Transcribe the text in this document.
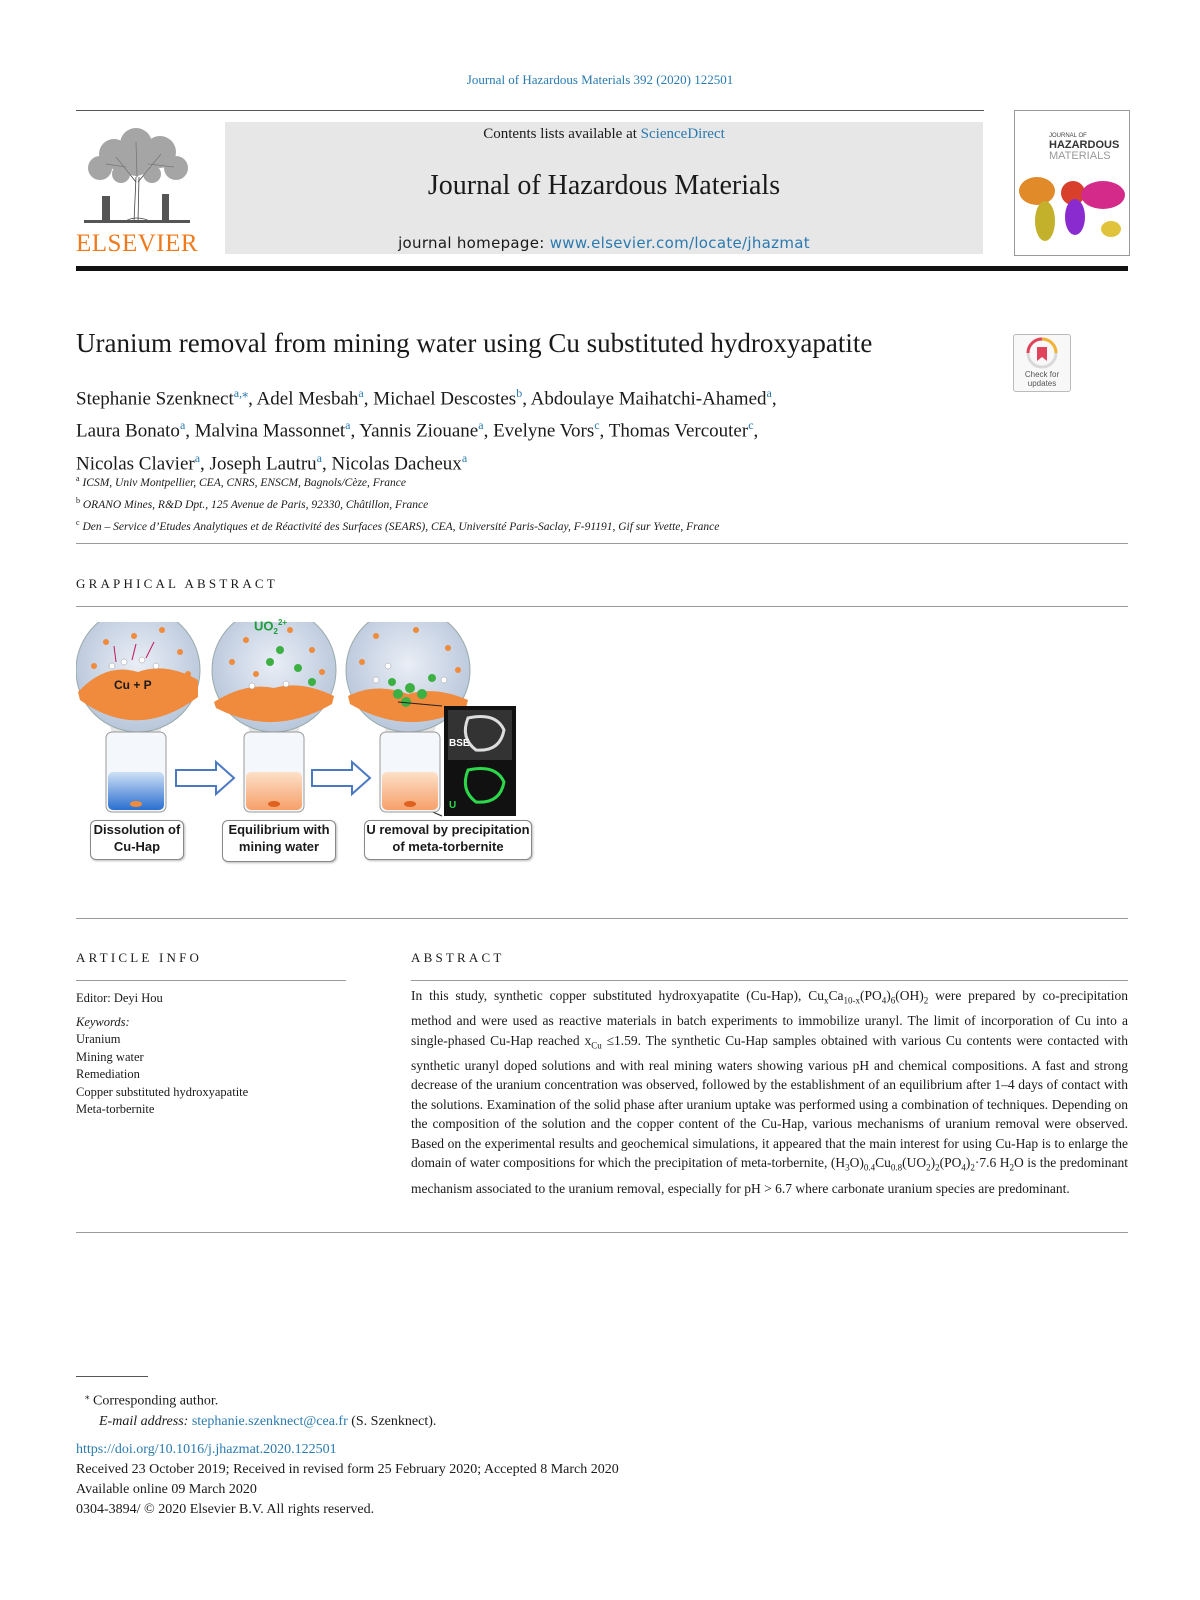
Journal of Hazardous Materials 392 (2020) 122501
ELSEVIER
Contents lists available at ScienceDirect
Journal of Hazardous Materials
journal homepage: www.elsevier.com/locate/jhazmat
JOURNAL OF
HAZARDOUS
MATERIALS
Uranium removal from mining water using Cu substituted hydroxyapatite
Check for updates
Stephanie Szenknect$^{a,⁎}$, Adel Mesbah$^a$, Michael Descostes$^b$, Abdoulaye Maihatchi-Ahamed$^a$,
Laura Bonato$^a$, Malvina Massonnet$^a$, Yannis Ziouane$^a$, Evelyne Vors$^c$, Thomas Vercouter$^c$,
Nicolas Clavier$^a$, Joseph Lautru$^a$, Nicolas Dacheux$^a$
$^a$ ICSM, Univ Montpellier, CEA, CNRS, ENSCM, Bagnols/Cèze, France
$^b$ ORANO Mines, R&D Dpt., 125 Avenue de Paris, 92330, Châtillon, France
$^c$ Den – Service d’Etudes Analytiques et de Réactivité des Surfaces (SEARS), CEA, Université Paris-Saclay, F-91191, Gif sur Yvette, France
GRAPHICAL ABSTRACT
Cu + P
$UO_2^{2+}$
BSE
U
Dissolution of
Cu-Hap
Equilibrium with
mining water
U removal by precipitation
of meta-torbernite
ARTICLE INFO
Editor: Deyi Hou
Keywords:
Uranium
Mining water
Remediation
Copper substituted hydroxyapatite
Meta-torbernite
ABSTRACT
In this study, synthetic copper substituted hydroxyapatite (Cu-Hap), $Cu_xCa_{10-x}(PO_4)_6(OH)_2$ were prepared by co-precipitation method and were used as reactive materials in batch experiments to immobilize uranyl. The limit of incorporation of Cu into a single-phased Cu-Hap reached $x_{Cu} \le 1.59$. The synthetic Cu-Hap samples obtained with various Cu contents were contacted with synthetic uranyl doped solutions and with real mining waters showing various pH and chemical compositions. A fast and strong decrease of the uranium concentration was observed, followed by the establishment of an equilibrium after 1–4 days of contact with the solutions. Examination of the solid phase after uranium uptake was performed using a combination of techniques. Depending on the composition of the solution and the copper content of the Cu-Hap, various mechanisms of uranium removal were observed. Based on the experimental results and geochemical simulations, it appeared that the main interest for using Cu-Hap is to enlarge the domain of water compositions for which the precipitation of meta-torbernite, $(H_3O)_{0.4}Cu_{0.8}(UO_2)_2(PO_4)_2\cdot 7.6$ $H_2O$ is the predominant mechanism associated to the uranium removal, especially for pH > 6.7 where carbonate uranium species are predominant.
⁎ Corresponding author.
E-mail address: stephanie.szenknect@cea.fr (S. Szenknect).
https://doi.org/10.1016/j.jhazmat.2020.122501
Received 23 October 2019; Received in revised form 25 February 2020; Accepted 8 March 2020
Available online 09 March 2020
0304-3894/ © 2020 Elsevier B.V. All rights reserved.
